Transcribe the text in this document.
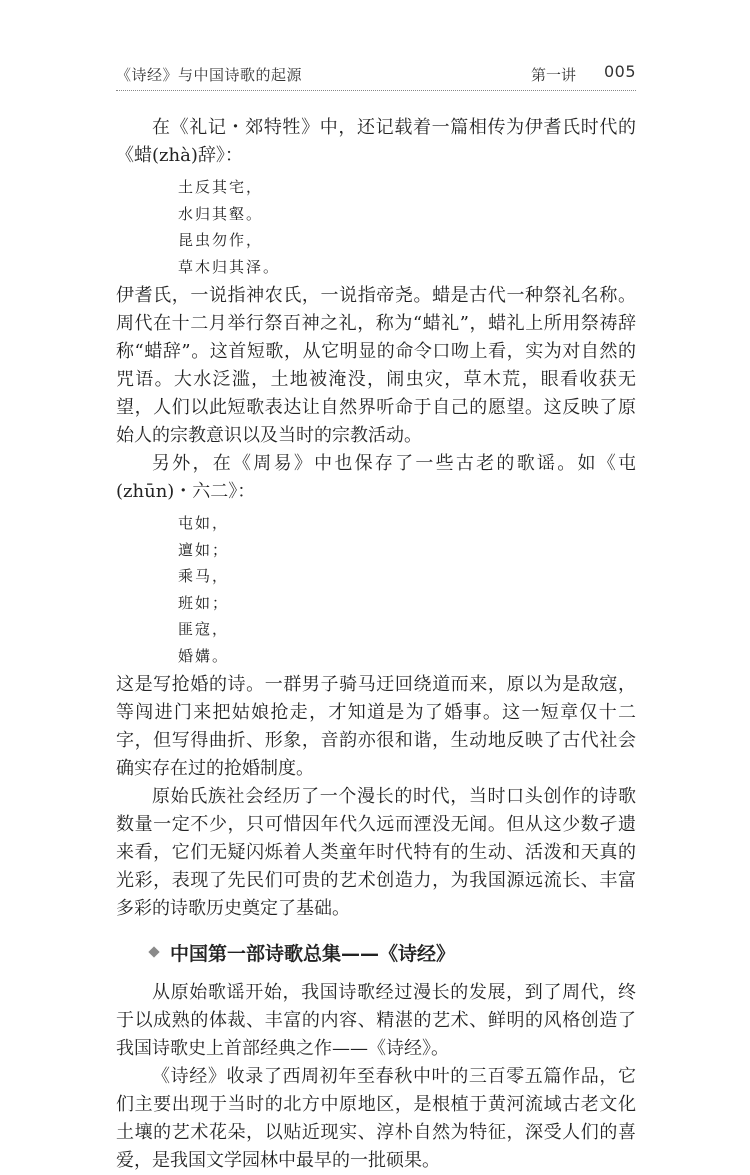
《诗经》与中国诗歌的起源	第一讲 005

在《礼记・郊特牲》中，还记载着一篇相传为伊耆氏时代的《蜡(zhà)辞》：

土反其宅，
水归其壑。
昆虫勿作，
草木归其泽。

伊耆氏，一说指神农氏，一说指帝尧。蜡是古代一种祭礼名称。周代在十二月举行祭百神之礼，称为“蜡礼”，蜡礼上所用祭祷辞称“蜡辞”。这首短歌，从它明显的命令口吻上看，实为对自然的咒语。大水泛滥，土地被淹没，闹虫灾，草木荒，眼看收获无望，人们以此短歌表达让自然界听命于自己的愿望。这反映了原始人的宗教意识以及当时的宗教活动。

另外，在《周易》中也保存了一些古老的歌谣。如《屯(zhūn)・六二》：

屯如，
邅如；
乘马，
班如；
匪寇，
婚媾。

这是写抢婚的诗。一群男子骑马迂回绕道而来，原以为是敌寇，等闯进门来把姑娘抢走，才知道是为了婚事。这一短章仅十二字，但写得曲折、形象，音韵亦很和谐，生动地反映了古代社会确实存在过的抢婚制度。

原始氏族社会经历了一个漫长的时代，当时口头创作的诗歌数量一定不少，只可惜因年代久远而湮没无闻。但从这少数孑遗来看，它们无疑闪烁着人类童年时代特有的生动、活泼和天真的光彩，表现了先民们可贵的艺术创造力，为我国源远流长、丰富多彩的诗歌历史奠定了基础。

中国第一部诗歌总集——《诗经》

从原始歌谣开始，我国诗歌经过漫长的发展，到了周代，终于以成熟的体裁、丰富的内容、精湛的艺术、鲜明的风格创造了我国诗歌史上首部经典之作——《诗经》。

《诗经》收录了西周初年至春秋中叶的三百零五篇作品，它们主要出现于当时的北方中原地区，是根植于黄河流域古老文化土壤的艺术花朵，以贴近现实、淳朴自然为特征，深受人们的喜爱，是我国文学园林中最早的一批硕果。
